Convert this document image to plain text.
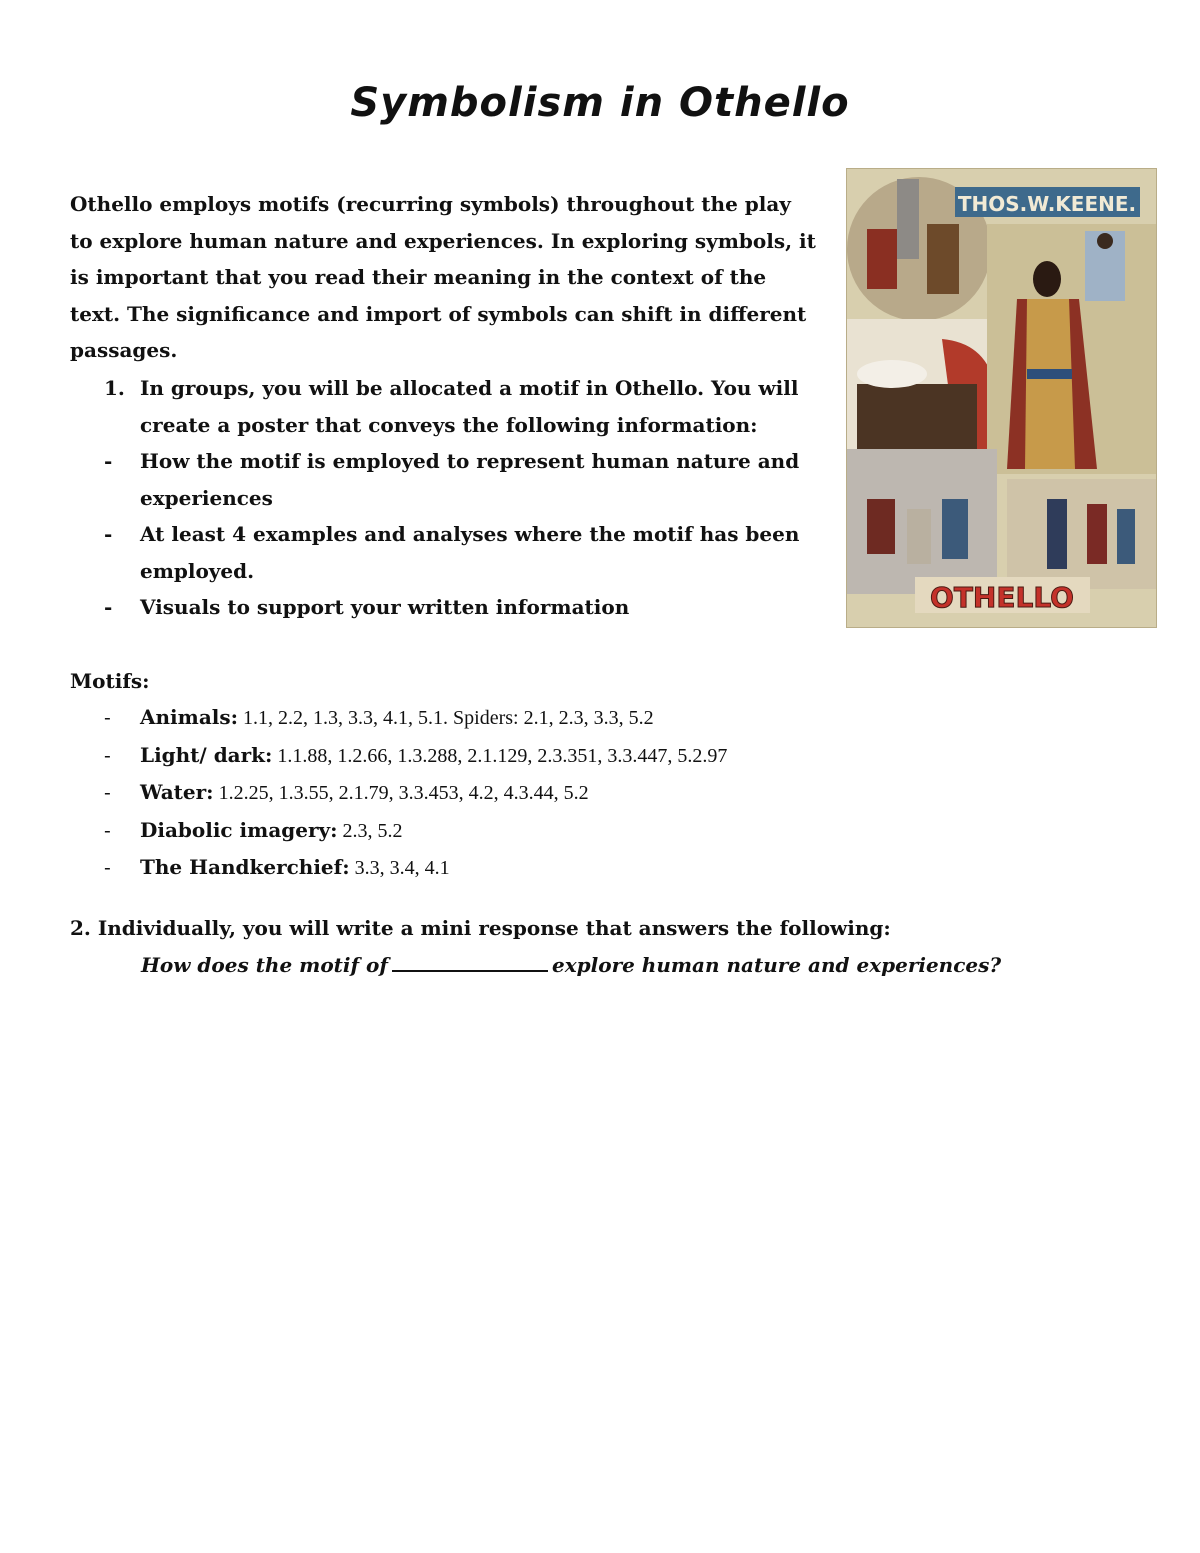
Symbolism in Othello

Othello employs motifs (recurring symbols) throughout the play to explore human nature and experiences. In exploring symbols, it is important that you read their meaning in the context of the text. The significance and import of symbols can shift in different passages.

THOS.W.KEENE.
OTHELLO
1. In groups, you will be allocated a motif in Othello. You will create a poster that conveys the following information:
-	How the motif is employed to represent human nature and experiences
-	At least 4 examples and analyses where the motif has been employed.
-	Visuals to support your written information
Motifs:
-	Animals: 1.1, 2.2, 1.3, 3.3, 4.1, 5.1. Spiders: 2.1, 2.3, 3.3, 5.2
-	Light/ dark: 1.1.88, 1.2.66, 1.3.288, 2.1.129, 2.3.351, 3.3.447, 5.2.97
-	Water: 1.2.25, 1.3.55, 2.1.79, 3.3.453, 4.2, 4.3.44, 5.2
-	Diabolic imagery: 2.3, 5.2
-	The Handkerchief: 3.3, 3.4, 4.1
2. Individually, you will write a mini response that answers the following:
How does the motif of	explore human nature and experiences?
